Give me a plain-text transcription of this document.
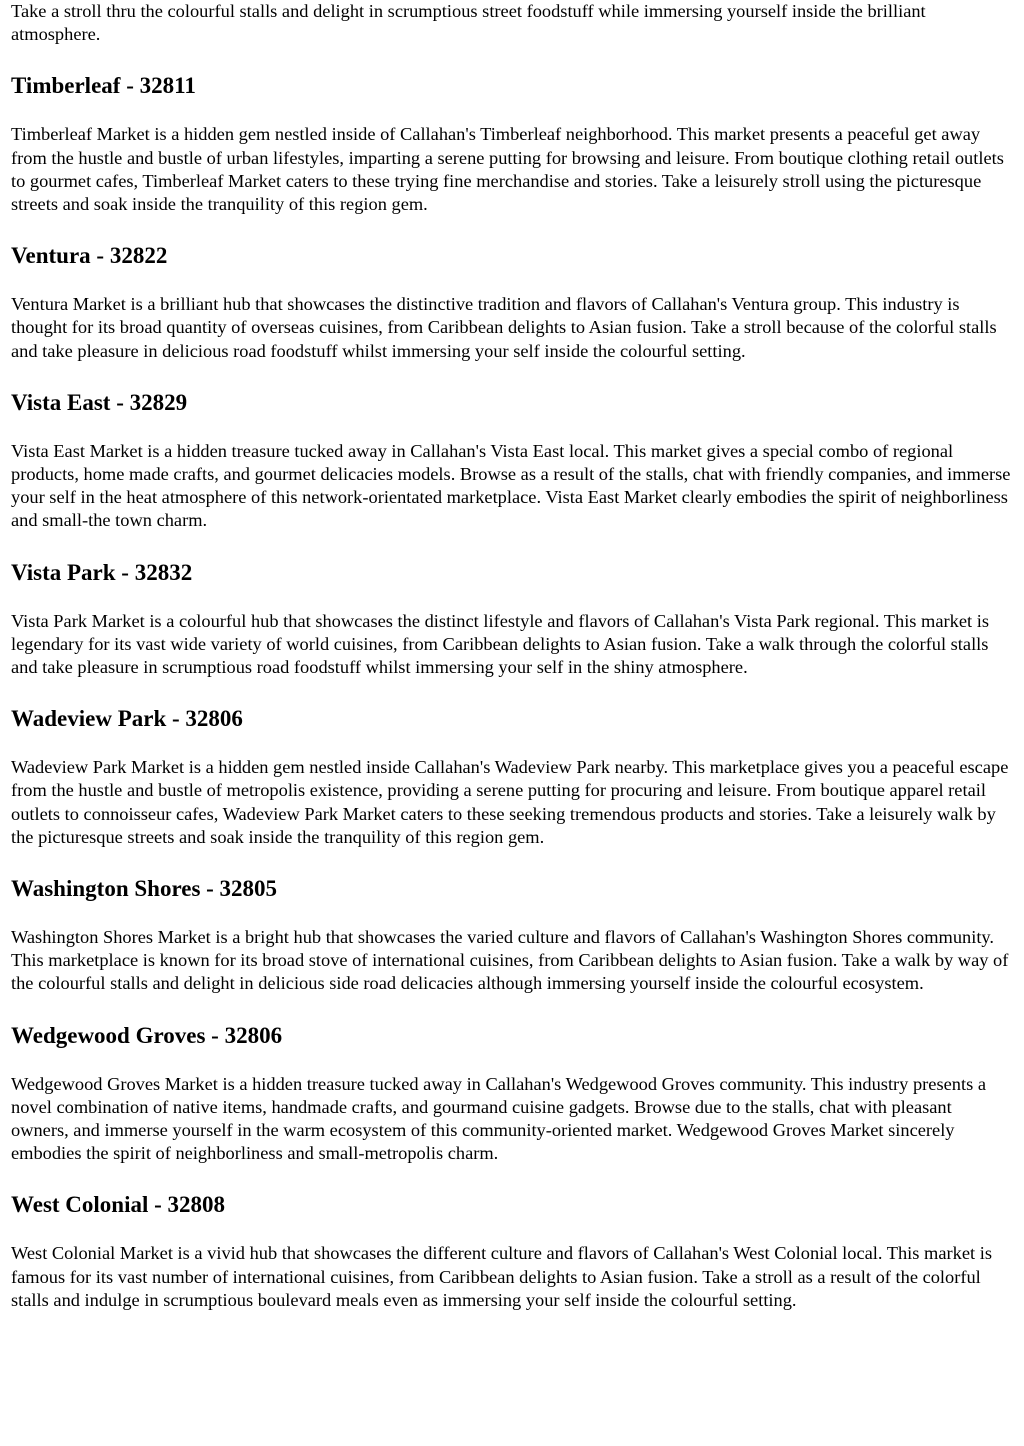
Take a stroll thru the colourful stalls and delight in scrumptious street foodstuff while immersing yourself inside the brilliant atmosphere.

Timberleaf - 32811

Timberleaf Market is a hidden gem nestled inside of Callahan's Timberleaf neighborhood. This market presents a peaceful get away from the hustle and bustle of urban lifestyles, imparting a serene putting for browsing and leisure. From boutique clothing retail outlets to gourmet cafes, Timberleaf Market caters to these trying fine merchandise and stories. Take a leisurely stroll using the picturesque streets and soak inside the tranquility of this region gem.

Ventura - 32822

Ventura Market is a brilliant hub that showcases the distinctive tradition and flavors of Callahan's Ventura group. This industry is thought for its broad quantity of overseas cuisines, from Caribbean delights to Asian fusion. Take a stroll because of the colorful stalls and take pleasure in delicious road foodstuff whilst immersing your self inside the colourful setting.

Vista East - 32829

Vista East Market is a hidden treasure tucked away in Callahan's Vista East local. This market gives a special combo of regional products, home made crafts, and gourmet delicacies models. Browse as a result of the stalls, chat with friendly companies, and immerse your self in the heat atmosphere of this network-orientated marketplace. Vista East Market clearly embodies the spirit of neighborliness and small-the town charm.

Vista Park - 32832

Vista Park Market is a colourful hub that showcases the distinct lifestyle and flavors of Callahan's Vista Park regional. This market is legendary for its vast wide variety of world cuisines, from Caribbean delights to Asian fusion. Take a walk through the colorful stalls and take pleasure in scrumptious road foodstuff whilst immersing your self in the shiny atmosphere.

Wadeview Park - 32806

Wadeview Park Market is a hidden gem nestled inside Callahan's Wadeview Park nearby. This marketplace gives you a peaceful escape from the hustle and bustle of metropolis existence, providing a serene putting for procuring and leisure. From boutique apparel retail outlets to connoisseur cafes, Wadeview Park Market caters to these seeking tremendous products and stories. Take a leisurely walk by the picturesque streets and soak inside the tranquility of this region gem.

Washington Shores - 32805

Washington Shores Market is a bright hub that showcases the varied culture and flavors of Callahan's Washington Shores community. This marketplace is known for its broad stove of international cuisines, from Caribbean delights to Asian fusion. Take a walk by way of the colourful stalls and delight in delicious side road delicacies although immersing yourself inside the colourful ecosystem.

Wedgewood Groves - 32806

Wedgewood Groves Market is a hidden treasure tucked away in Callahan's Wedgewood Groves community. This industry presents a novel combination of native items, handmade crafts, and gourmand cuisine gadgets. Browse due to the stalls, chat with pleasant owners, and immerse yourself in the warm ecosystem of this community-oriented market. Wedgewood Groves Market sincerely embodies the spirit of neighborliness and small-metropolis charm.

West Colonial - 32808

West Colonial Market is a vivid hub that showcases the different culture and flavors of Callahan's West Colonial local. This market is famous for its vast number of international cuisines, from Caribbean delights to Asian fusion. Take a stroll as a result of the colorful stalls and indulge in scrumptious boulevard meals even as immersing your self inside the colourful setting.
